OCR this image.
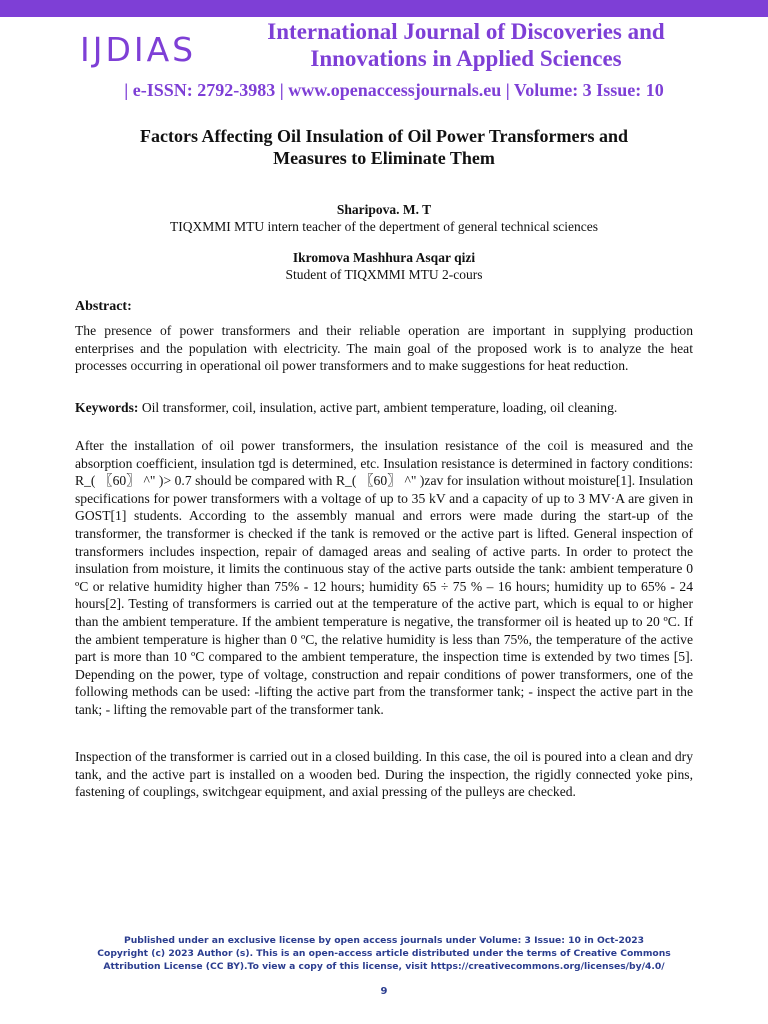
IJDIAS	International Journal of Discoveries and
Innovations in Applied Sciences
| e-ISSN: 2792-3983 | www.openaccessjournals.eu | Volume: 3 Issue: 10
Factors Affecting Oil Insulation of Oil Power Transformers and
Measures to Eliminate Them
Sharipova. M. T
TIQXMMI MTU intern teacher of the depertment of general technical sciences
Ikromova Mashhura Asqar qizi
Student of TIQXMMI MTU 2-cours
Abstract:

The presence of power transformers and their reliable operation are important in supplying production enterprises and the population with electricity. The main goal of the proposed work is to analyze the heat processes occurring in operational oil power transformers and to make suggestions for heat reduction.

Keywords: Oil transformer, coil, insulation, active part, ambient temperature, loading, oil cleaning.

After the installation of oil power transformers, the insulation resistance of the coil is measured and the absorption coefficient, insulation tgd is determined, etc. Insulation resistance is determined in factory conditions: R_( 〖60〗 ^" )> 0.7 should be compared with R_( 〖60〗 ^" )zav for insulation without moisture[1]. Insulation specifications for power transformers with a voltage of up to 35 kV and a capacity of up to 3 MV·A are given in GOST[1] students. According to the assembly manual and errors were made during the start-up of the transformer, the transformer is checked if the tank is removed or the active part is lifted. General inspection of transformers includes inspection, repair of damaged areas and sealing of active parts. In order to protect the insulation from moisture, it limits the continuous stay of the active parts outside the tank: ambient temperature 0 ºC or relative humidity higher than 75% - 12 hours; humidity 65 ÷ 75 % – 16 hours; humidity up to 65% - 24 hours[2]. Testing of transformers is carried out at the temperature of the active part, which is equal to or higher than the ambient temperature. If the ambient temperature is negative, the transformer oil is heated up to 20 ºC. If the ambient temperature is higher than 0 ºC, the relative humidity is less than 75%, the temperature of the active part is more than 10 ºC compared to the ambient temperature, the inspection time is extended by two times [5]. Depending on the power, type of voltage, construction and repair conditions of power transformers, one of the following methods can be used: -lifting the active part from the transformer tank; - inspect the active part in the tank; - lifting the removable part of the transformer tank.

Inspection of the transformer is carried out in a closed building. In this case, the oil is poured into a clean and dry tank, and the active part is installed on a wooden bed. During the inspection, the rigidly connected yoke pins, fastening of couplings, switchgear equipment, and axial pressing of the pulleys are checked.

Published under an exclusive license by open access journals under Volume: 3 Issue: 10 in Oct-2023
Copyright (c) 2023 Author (s). This is an open-access article distributed under the terms of Creative Commons
Attribution License (CC BY).To view a copy of this license, visit https://creativecommons.org/licenses/by/4.0/
9
